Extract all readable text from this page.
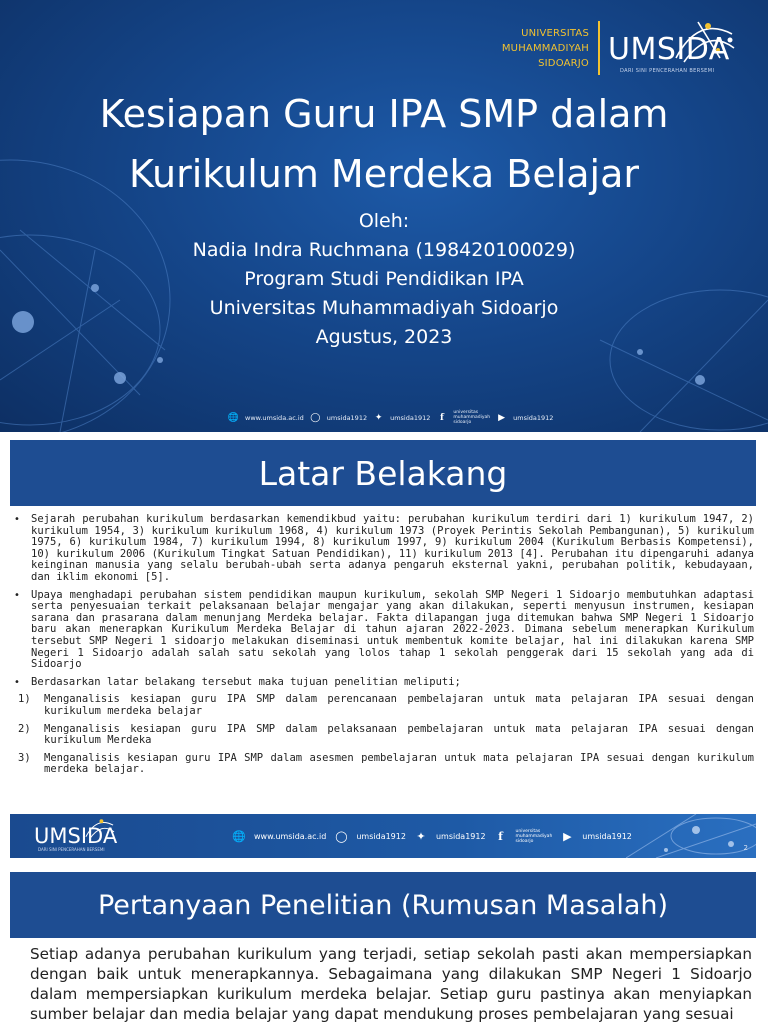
UNIVERSITAS
MUHAMMADIYAH
SIDOARJO UMSIDA
DARI SINI PENCERAHAN BERSEMI
Kesiapan Guru IPA SMP dalam
Kurikulum Merdeka Belajar
Oleh:
Nadia Indra Ruchmana (198420100029)
Program Studi Pendidikan IPA
Universitas Muhammadiyah Sidoarjo
Agustus, 2023
🌐 www.umsida.ac.id ◯ umsida1912 ✦ umsida1912	f	universitas
muhammadiyah
sidoarjo	▶	umsida1912
Latar Belakang
•	Sejarah perubahan kurikulum berdasarkan kemendikbud yaitu: perubahan kurikulum terdiri dari 1) kurikulum 1947, 2) kurikulum 1954, 3) kurikulum kurikulum 1968, 4) kurikulum 1973 (Proyek Perintis Sekolah Pembangunan), 5) kurikulum 1975, 6) kurikulum 1984, 7) kurikulum 1994, 8) kurikulum 1997, 9) kurikulum 2004 (Kurikulum Berbasis Kompetensi), 10) kurikulum 2006 (Kurikulum Tingkat Satuan Pendidikan), 11) kurikulum 2013 [4]. Perubahan itu dipengaruhi adanya keinginan manusia yang selalu berubah-ubah serta adanya pengaruh eksternal yakni, perubahan politik, kebudayaan, dan iklim ekonomi [5].
•	Upaya menghadapi perubahan sistem pendidikan maupun kurikulum, sekolah SMP Negeri 1 Sidoarjo membutuhkan adaptasi serta penyesuaian terkait pelaksanaan belajar mengajar yang akan dilakukan, seperti menyusun instrumen, kesiapan sarana dan prasarana dalam menunjang Merdeka belajar. Fakta dilapangan juga ditemukan bahwa SMP Negeri 1 Sidoarjo baru akan menerapkan Kurikulum Merdeka Belajar di tahun ajaran 2022-2023. Dimana sebelum menerapkan Kurikulum tersebut SMP Negeri 1 sidoarjo melakukan diseminasi untuk membentuk komite belajar, hal ini dilakukan karena SMP Negeri 1 Sidoarjo adalah salah satu sekolah yang lolos tahap 1 sekolah penggerak dari 15 sekolah yang ada di Sidoarjo
•	Berdasarkan latar belakang tersebut maka tujuan penelitian meliputi;
1)	Menganalisis kesiapan guru IPA SMP dalam perencanaan pembelajaran untuk mata pelajaran IPA sesuai dengan kurikulum merdeka belajar
2)	Menganalisis kesiapan guru IPA SMP dalam pelaksanaan pembelajaran untuk mata pelajaran IPA sesuai dengan kurikulum Merdeka
3)	Menganalisis kesiapan guru IPA SMP dalam asesmen pembelajaran untuk mata pelajaran IPA sesuai dengan kurikulum merdeka belajar.
UMSIDA
DARI SINI PENCERAHAN BERSEMI
🌐 www.umsida.ac.id ◯ umsida1912 ✦ umsida1912	f	universitas
muhammadiyah
sidoarjo	▶	umsida1912
2
Pertanyaan Penelitian (Rumusan Masalah)

Setiap adanya perubahan kurikulum yang terjadi, setiap sekolah pasti akan mempersiapkan dengan baik untuk menerapkannya. Sebagaimana yang dilakukan SMP Negeri 1 Sidoarjo dalam mempersiapkan kurikulum merdeka belajar. Setiap guru pastinya akan menyiapkan sumber belajar dan media belajar yang dapat mendukung proses pembelajaran yang sesuai
